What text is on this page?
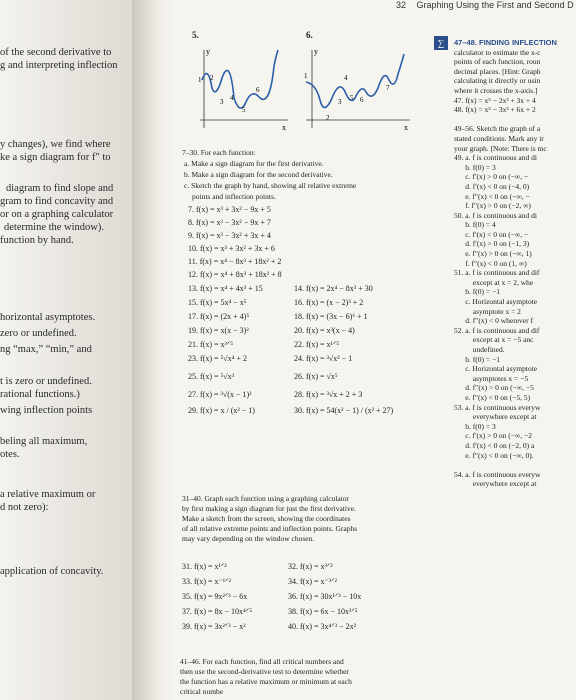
32 Graphing Using the First and Second D
of the second derivative to
g and interpreting inflection
y changes), we find where
ke a sign diagram for f″ to
diagram to find slope and
gram to find concavity and
or on a graphing calculator
determine the window).
function by hand.
horizontal asymptotes.
zero or undefined.
ng “max,” “min,” and
t is zero or undefined.
rational functions.)
wing inflection points
beling all maximum,
otes.
a relative maximum or
d not zero):
application of concavity.
5.
y
x
1 2
3 4
5
6
6.
y
x
1
2
3
4
5 6
7
7–30. For each function:
a. Make a sign diagram for the first derivative.
b. Make a sign diagram for the second derivative.
c. Sketch the graph by hand, showing all relative extreme
points and inflection points.
7. f(x) = x³ + 3x² − 9x + 5
8. f(x) = x³ − 3x² − 9x + 7
9. f(x) = x³ − 3x² + 3x + 4
10. f(x) = x³ + 3x² + 3x + 6
11. f(x) = x⁴ − 8x³ + 18x² + 2
12. f(x) = x⁴ + 8x³ + 18x² + 8
13. f(x) = x⁴ + 4x³ + 15	14. f(x) = 2x⁴ − 8x³ + 30
15. f(x) = 5x⁴ − x⁵	16. f(x) = (x − 2)³ + 2
17. f(x) = (2x + 4)⁵	18. f(x) = (3x − 6)⁶ + 1
19. f(x) = x(x − 3)²	20. f(x) = x³(x − 4)
21. f(x) = x³ᐟ⁵	22. f(x) = x¹ᐟ⁵
23. f(x) = ⁵√x⁴ + 2	24. f(x) = ³√x² − 1
25. f(x) = ⁵√x³	26. f(x) = √x⁵
27. f(x) = ³√(x − 1)²	28. f(x) = ³√x + 2 + 3
29. f(x) = x / (x² − 1)	30. f(x) = 54(x² − 1) / (x² + 27)
31–40. Graph each function using a graphing calculator
by first making a sign diagram for just the first derivative.
Make a sketch from the screen, showing the coordinates
of all relative extreme points and inflection points. Graphs
may vary depending on the window chosen.
31. f(x) = x¹ᐟ²	32. f(x) = x³ᐟ²
33. f(x) = x⁻¹ᐟ²	34. f(x) = x⁻³ᐟ²
35. f(x) = 9x²ᐟ³ − 6x	36. f(x) = 30x¹ᐟ³ − 10x
37. f(x) = 8x − 10x⁴ᐟ⁵	38. f(x) = 6x − 10x³ᐟ⁵
39. f(x) = 3x²ᐟ³ − x²	40. f(x) = 3x⁴ᐟ³ − 2x²
41–46. For each function, find all critical numbers and
then use the second-derivative test to determine whether
the function has a relative maximum or minimum at each
critical numbe
∑	47–48. FINDING INFLECTION
calculator to estimate the x-c
points of each function, roun
decimal places. [Hint: Graph
calculating it directly or usin
where it crosses the x-axis.]
47. f(x) = x⁵ − 2x³ + 3x + 4
48. f(x) = x⁵ − 3x³ + 6x + 2
49–56. Sketch the graph of a
stated conditions. Mark any ir
your graph. [Note: There is mc
49. a. f is continuous and di
b. f(0) = 3
c. f′(x) > 0 on (−∞, −
d. f′(x) < 0 on (−4, 0)
e. f″(x) < 0 on (−∞, −
f. f″(x) > 0 on (−2, ∞)
50. a. f is continuous and di
b. f(0) = 4
c. f′(x) < 0 on (−∞, −
d. f′(x) > 0 on (−1, 3)
e. f″(x) > 0 on (−∞, 1)
f. f″(x) < 0 on (1, ∞)
51. a. f is continuous and dif
except at x = 2, whe
b. f(0) = −1
c. Horizontal asymptote
asymptote x = 2
d. f″(x) < 0 wherever f
52. a. f is continuous and dif
except at x = −5 anc
undefined.
b. f(0) = −1
c. Horizontal asymptote
asymptotes x = −5
d. f″(x) > 0 on (−∞, −5
e. f″(x) < 0 on (−5, 5)
53. a. f is continuous everyw
everywhere except at
b. f(0) = 3
c. f′(x) > 0 on (−∞, −2
d. f′(x) < 0 on (−2, 0) a
e. f″(x) < 0 on (−∞, 0).
54. a. f is continuous everyw
everywhere except at
